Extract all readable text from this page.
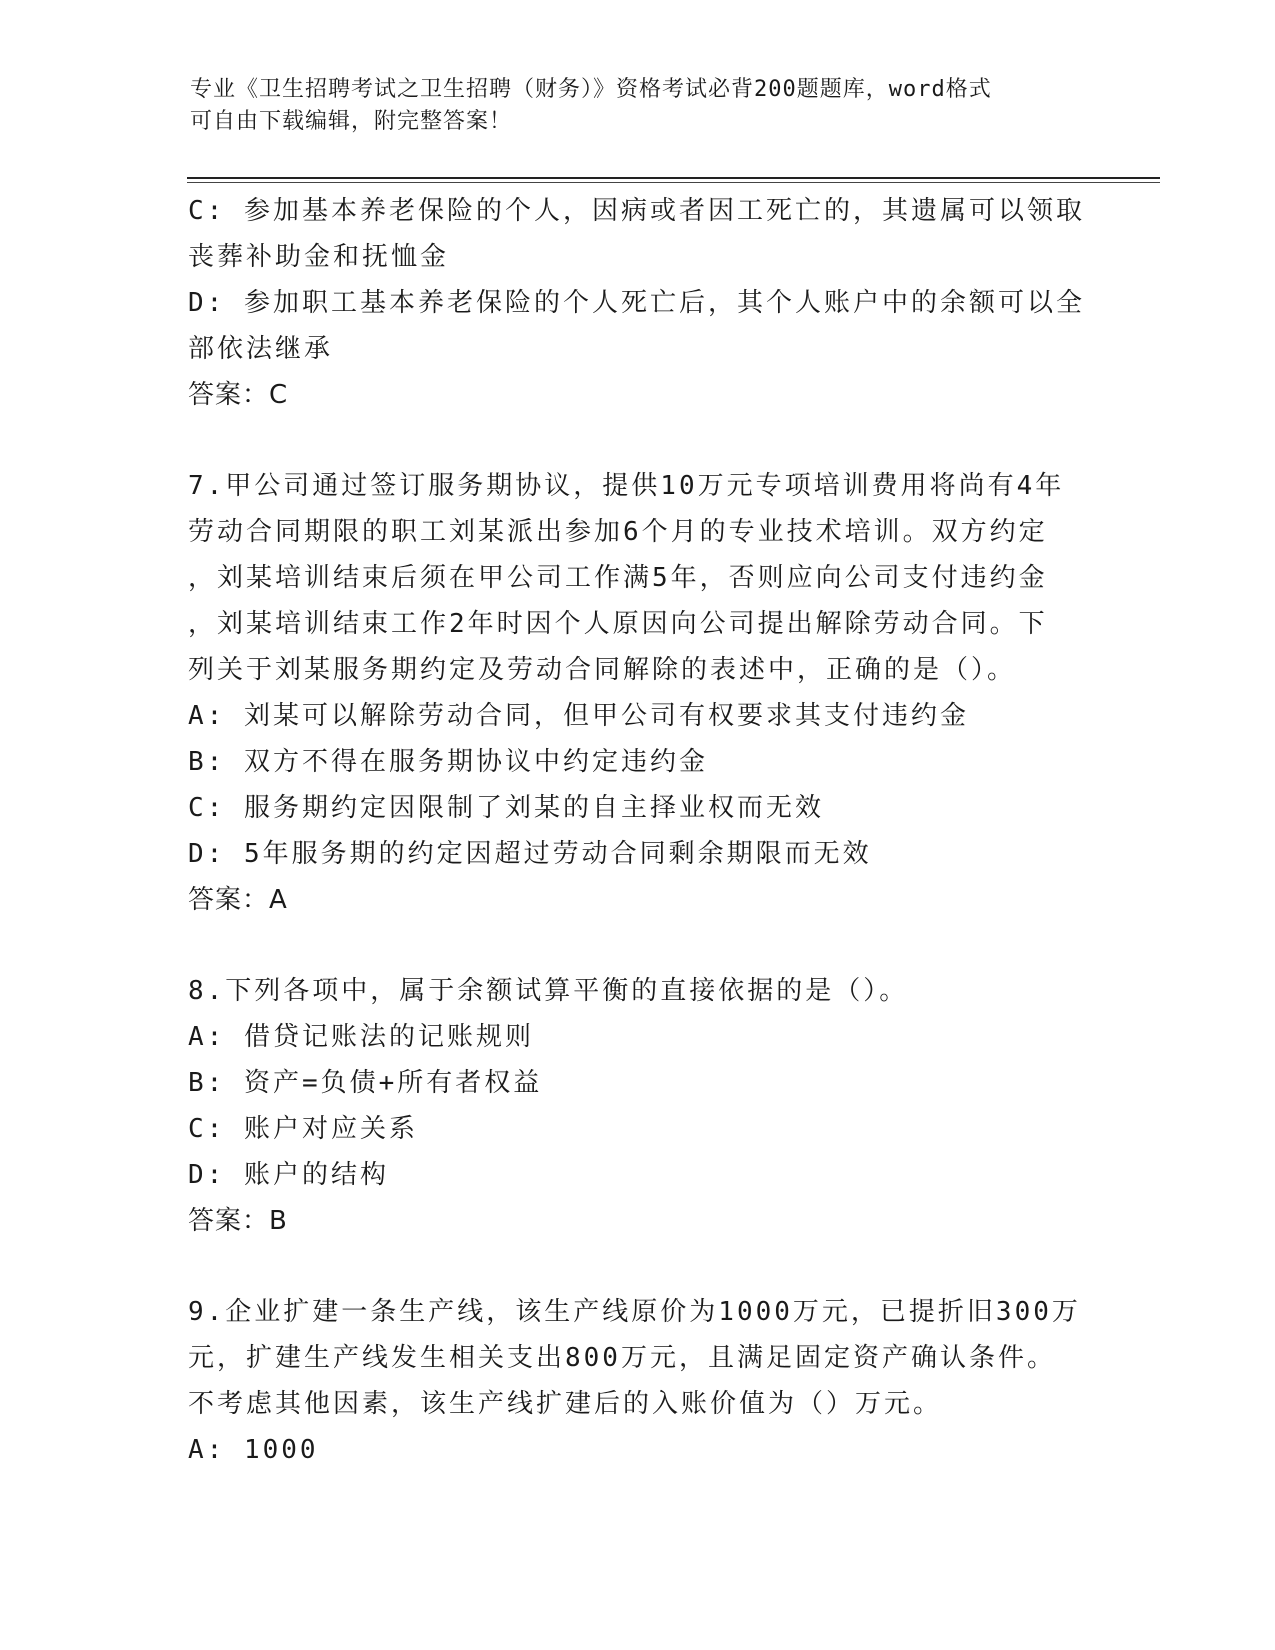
专业《卫生招聘考试之卫生招聘（财务）》资格考试必背200题题库，word格式
可自由下载编辑，附完整答案！
C: 参加基本养老保险的个人，因病或者因工死亡的，其遗属可以领取
丧葬补助金和抚恤金
D: 参加职工基本养老保险的个人死亡后，其个人账户中的余额可以全
部依法继承
答案：C
7.甲公司通过签订服务期协议，提供10万元专项培训费用将尚有4年
劳动合同期限的职工刘某派出参加6个月的专业技术培训。双方约定
，刘某培训结束后须在甲公司工作满5年，否则应向公司支付违约金
，刘某培训结束工作2年时因个人原因向公司提出解除劳动合同。下
列关于刘某服务期约定及劳动合同解除的表述中，正确的是（）。
A: 刘某可以解除劳动合同，但甲公司有权要求其支付违约金
B: 双方不得在服务期协议中约定违约金
C: 服务期约定因限制了刘某的自主择业权而无效
D: 5年服务期的约定因超过劳动合同剩余期限而无效
答案：A
8.下列各项中，属于余额试算平衡的直接依据的是（）。
A: 借贷记账法的记账规则
B: 资产=负债+所有者权益
C: 账户对应关系
D: 账户的结构
答案：B
9.企业扩建一条生产线，该生产线原价为1000万元，已提折旧300万
元，扩建生产线发生相关支出800万元，且满足固定资产确认条件。
不考虑其他因素，该生产线扩建后的入账价值为（）万元。
A: 1000
